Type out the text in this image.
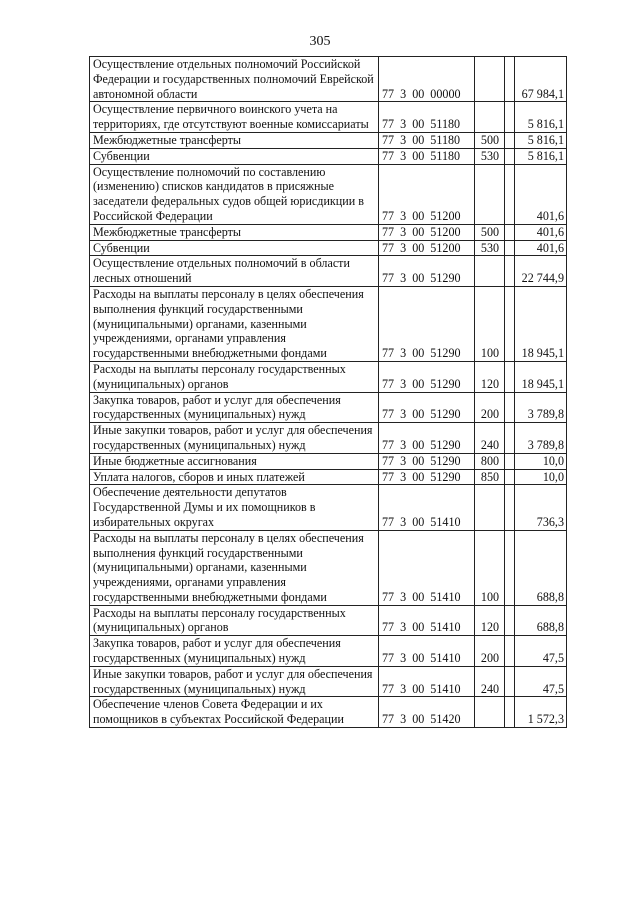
305
Осуществление отдельных полномочий Российской Федерации и государственных полномочий Еврейской автономной области	77 3 00 00000			67 984,1
Осуществление первичного воинского учета на территориях, где отсутствуют военные комиссариаты	77 3 00 51180			5 816,1
Межбюджетные трансферты	77 3 00 51180	500		5 816,1
Субвенции	77 3 00 51180	530		5 816,1
Осуществление полномочий по составлению (изменению) списков кандидатов в присяжные заседатели федеральных судов общей юрисдикции в Российской Федерации	77 3 00 51200			401,6
Межбюджетные трансферты	77 3 00 51200	500		401,6
Субвенции	77 3 00 51200	530		401,6
Осуществление отдельных полномочий в области лесных отношений	77 3 00 51290			22 744,9
Расходы на выплаты персоналу в целях обеспечения выполнения функций государственными (муниципальными) органами, казенными учреждениями, органами управления государственными внебюджетными фондами	77 3 00 51290	100		18 945,1
Расходы на выплаты персоналу государственных (муниципальных) органов	77 3 00 51290	120		18 945,1
Закупка товаров, работ и услуг для обеспечения государственных (муниципальных) нужд	77 3 00 51290	200		3 789,8
Иные закупки товаров, работ и услуг для обеспечения государственных (муниципальных) нужд	77 3 00 51290	240		3 789,8
Иные бюджетные ассигнования	77 3 00 51290	800		10,0
Уплата налогов, сборов и иных платежей	77 3 00 51290	850		10,0
Обеспечение деятельности депутатов Государственной Думы и их помощников в избирательных округах	77 3 00 51410			736,3
Расходы на выплаты персоналу в целях обеспечения выполнения функций государственными (муниципальными) органами, казенными учреждениями, органами управления государственными внебюджетными фондами	77 3 00 51410	100		688,8
Расходы на выплаты персоналу государственных (муниципальных) органов	77 3 00 51410	120		688,8
Закупка товаров, работ и услуг для обеспечения государственных (муниципальных) нужд	77 3 00 51410	200		47,5
Иные закупки товаров, работ и услуг для обеспечения государственных (муниципальных) нужд	77 3 00 51410	240		47,5
Обеспечение членов Совета Федерации и их помощников в субъектах Российской Федерации	77 3 00 51420			1 572,3
